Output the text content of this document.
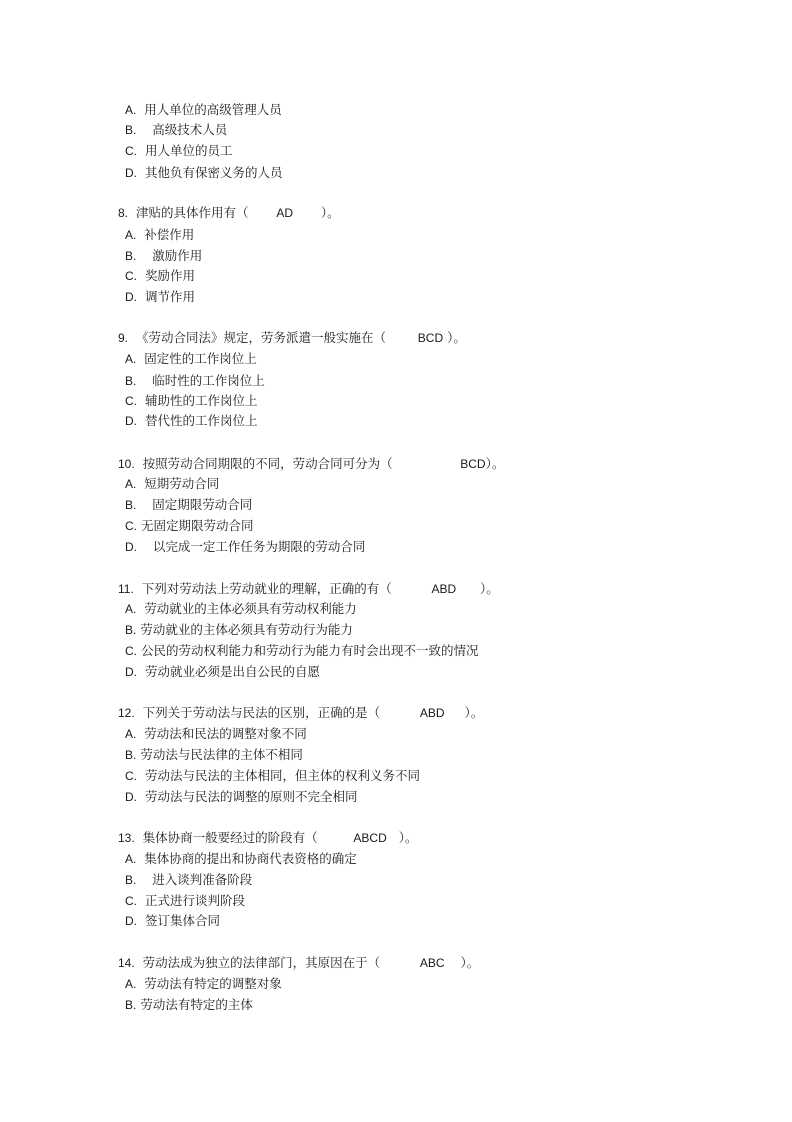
A. 用人单位的高级管理人员
B. 高级技术人员
C. 用人单位的员工
D. 其他负有保密义务的人员
8. 津贴的具体作用有（ AD ）。
A. 补偿作用
B. 激励作用
C. 奖励作用
D. 调节作用
9. 《劳动合同法》规定，劳务派遣一般实施在（	BCD ）。
A. 固定性的工作岗位上
B. 临时性的工作岗位上
C. 辅助性的工作岗位上
D. 替代性的工作岗位上
10. 按照劳动合同期限的不同，劳动合同可分为（	BCD）。
A. 短期劳动合同
B. 固定期限劳动合同
C. 无固定期限劳动合同
D. 以完成一定工作任务为期限的劳动合同
11. 下列对劳动法上劳动就业的理解，正确的有（	ABD ）。
A. 劳动就业的主体必须具有劳动权利能力
B. 劳动就业的主体必须具有劳动行为能力
C. 公民的劳动权利能力和劳动行为能力有时会出现不一致的情况
D. 劳动就业必须是出自公民的自愿
12. 下列关于劳动法与民法的区别，正确的是（	ABD ）。
A. 劳动法和民法的调整对象不同
B. 劳动法与民法律的主体不相同
C. 劳动法与民法的主体相同，但主体的权利义务不同
D. 劳动法与民法的调整的原则不完全相同
13. 集体协商一般要经过的阶段有（	ABCD ）。
A. 集体协商的提出和协商代表资格的确定
B. 进入谈判准备阶段
C. 正式进行谈判阶段
D. 签订集体合同
14. 劳动法成为独立的法律部门，其原因在于（	ABC ）。
A. 劳动法有特定的调整对象
B. 劳动法有特定的主体
